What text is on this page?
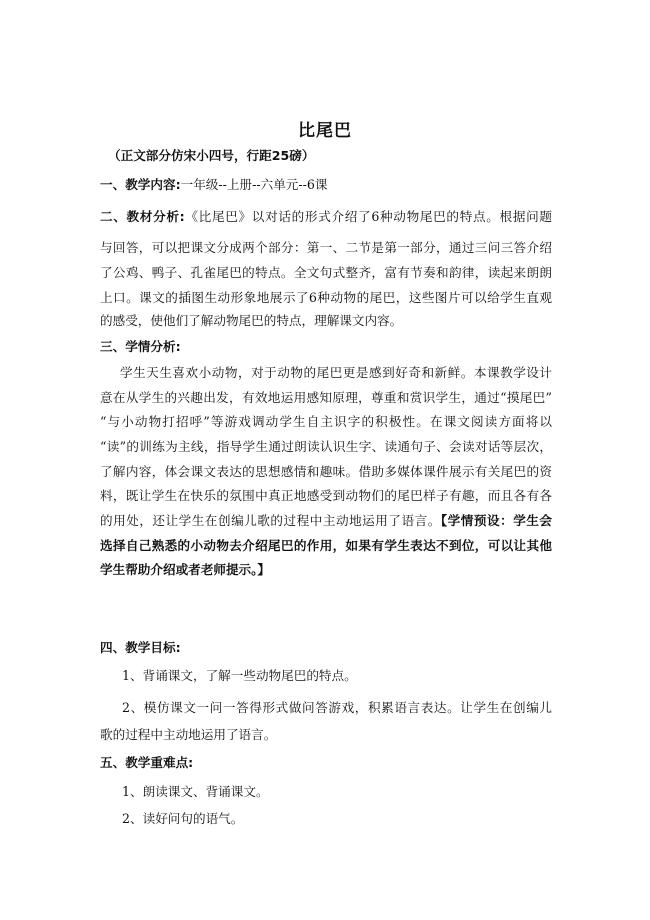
比尾巴
（正文部分仿宋小四号，行距25磅）
一、教学内容:一年级--上册--六单元--6课
二、教材分析:《比尾巴》以对话的形式介绍了6种动物尾巴的特点。根据问题
与回答，可以把课文分成两个部分：第一、二节是第一部分，通过三问三答介绍
了公鸡、鸭子、孔雀尾巴的特点。全文句式整齐，富有节奏和韵律，读起来朗朗
上口。课文的插图生动形象地展示了6种动物的尾巴，这些图片可以给学生直观
的感受，使他们了解动物尾巴的特点，理解课文内容。
三、学情分析:
学生天生喜欢小动物，对于动物的尾巴更是感到好奇和新鲜。本课教学设计
意在从学生的兴趣出发，有效地运用感知原理，尊重和赏识学生，通过“摸尾巴”
“与小动物打招呼”等游戏调动学生自主识字的积极性。在课文阅读方面将以
“读”的训练为主线，指导学生通过朗读认识生字、读通句子、会读对话等层次，
了解内容，体会课文表达的思想感情和趣味。借助多媒体课件展示有关尾巴的资
料，既让学生在快乐的氛围中真正地感受到动物们的尾巴样子有趣，而且各有各
的用处，还让学生在创编儿歌的过程中主动地运用了语言。【学情预设：学生会
选择自己熟悉的小动物去介绍尾巴的作用，如果有学生表达不到位，可以让其他
学生帮助介绍或者老师提示。】
四、教学目标:
1、背诵课文，了解一些动物尾巴的特点。
2、模仿课文一问一答得形式做问答游戏，积累语言表达。让学生在创编儿
歌的过程中主动地运用了语言。
五、教学重难点:
1、朗读课文、背诵课文。
2、读好问句的语气。
